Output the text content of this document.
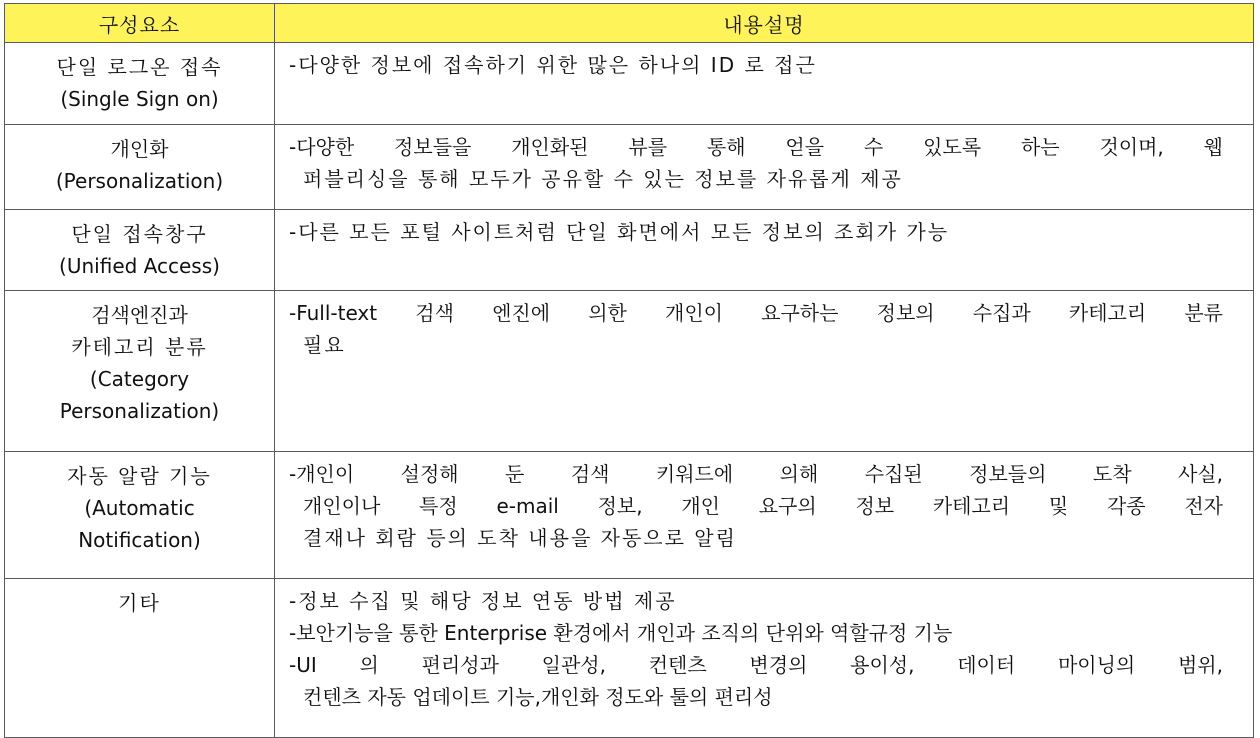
구성요소	내용설명

단일 로그온 접속
(Single Sign on)	-다양한 정보에 접속하기 위한 많은 하나의 ID 로 접근

개인화
(Personalization)	-다양한 정보들을 개인화된 뷰를 통해 얻을 수 있도록 하는 것이며, 웹
퍼블리싱을 통해 모두가 공유할 수 있는 정보를 자유롭게 제공

단일 접속창구
(Unified Access)	-다른 모든 포털 사이트처럼 단일 화면에서 모든 정보의 조회가 가능

검색엔진과
카테고리 분류
(Category
Personalization)	-Full-text 검색 엔진에 의한 개인이 요구하는 정보의 수집과 카테고리 분류
필요

자동 알람 기능
(Automatic
Notification)	-개인이 설정해 둔 검색 키워드에 의해 수집된 정보들의 도착 사실,
개인이나 특정 e-mail 정보, 개인 요구의 정보 카테고리 및 각종 전자
결재나 회람 등의 도착 내용을 자동으로 알림

기타	-정보 수집 및 해당 정보 연동 방법 제공
-보안기능을 통한 Enterprise 환경에서 개인과 조직의 단위와 역할규정 기능
-UI 의 편리성과 일관성, 컨텐츠 변경의 용이성, 데이터 마이닝의 범위,
컨텐츠 자동 업데이트 기능,개인화 정도와 툴의 편리성
